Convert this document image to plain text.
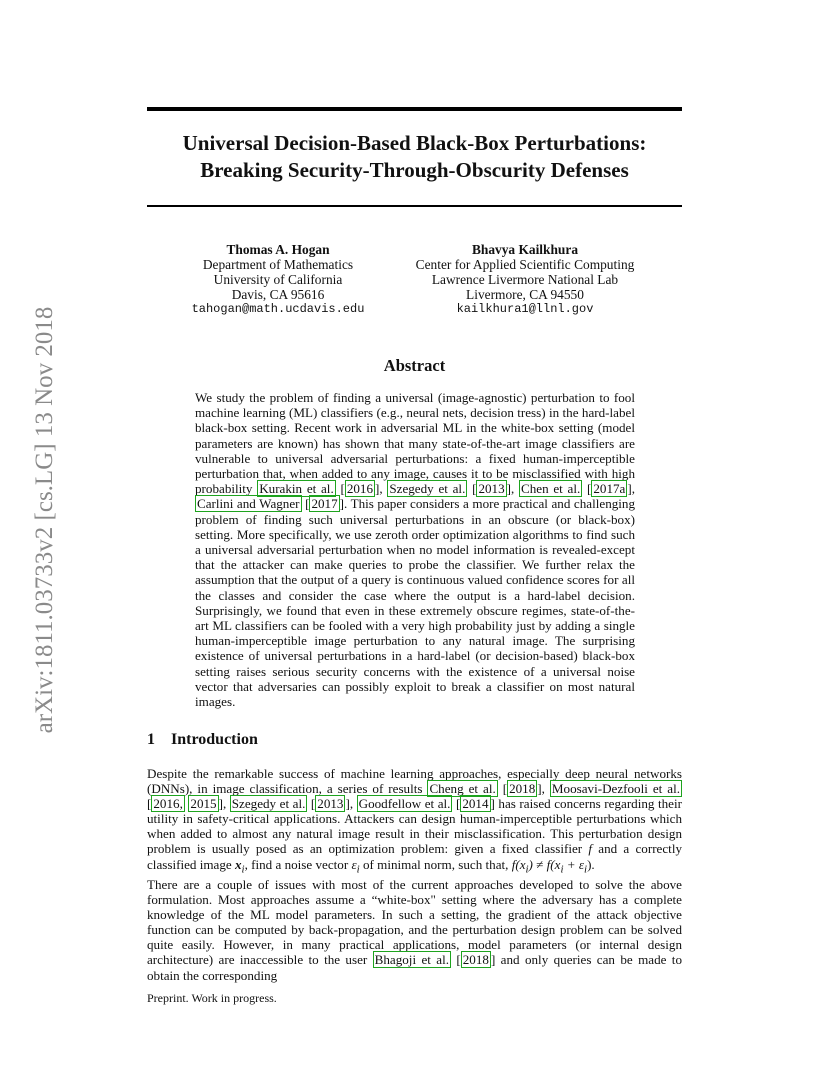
arXiv:1811.03733v2 [cs.LG] 13 Nov 2018
Universal Decision-Based Black-Box Perturbations:
Breaking Security-Through-Obscurity Defenses
Thomas A. Hogan
Department of Mathematics
University of California
Davis, CA 95616
tahogan@math.ucdavis.edu
Bhavya Kailkhura
Center for Applied Scientific Computing
Lawrence Livermore National Lab
Livermore, CA 94550
kailkhura1@llnl.gov
Abstract
We study the problem of finding a universal (image-agnostic) perturbation to fool machine learning (ML) classifiers (e.g., neural nets, decision tress) in the hard-label black-box setting. Recent work in adversarial ML in the white-box setting (model parameters are known) has shown that many state-of-the-art image classifiers are vulnerable to universal adversarial perturbations: a fixed human-imperceptible perturbation that, when added to any image, causes it to be misclassified with high probability Kurakin et al. [ 2016 ], Szegedy et al. [ 2013 ], Chen et al. [ 2017a ], Carlini and Wagner [ 2017 ]. This paper considers a more practical and challenging problem of finding such universal perturbations in an obscure (or black-box) setting. More specifically, we use zeroth order optimization algorithms to find such a universal adversarial perturbation when no model information is revealed-except that the attacker can make queries to probe the classifier. We further relax the assumption that the output of a query is continuous valued confidence scores for all the classes and consider the case where the output is a hard-label decision. Surprisingly, we found that even in these extremely obscure regimes, state-of-the-art ML classifiers can be fooled with a very high probability just by adding a single human-imperceptible image perturbation to any natural image. The surprising existence of universal perturbations in a hard-label (or decision-based) black-box setting raises serious security concerns with the existence of a universal noise vector that adversaries can possibly exploit to break a classifier on most natural images.
1 Introduction
Despite the remarkable success of machine learning approaches, especially deep neural networks (DNNs), in image classification, a series of results Cheng et al. [ 2018 ], Moosavi-Dezfooli et al. [ 2016, 2015 ], Szegedy et al. [ 2013 ], Goodfellow et al. [ 2014 ] has raised concerns regarding their utility in safety-critical applications. Attackers can design human-imperceptible perturbations which when added to almost any natural image result in their misclassification. This perturbation design problem is usually posed as an optimization problem: given a fixed classifier f and a correctly classified image $x_i$, find a noise vector $\varepsilon_i$ of minimal norm, such that, $f(x_i) \ne f(x_i + \varepsilon_i)$.
There are a couple of issues with most of the current approaches developed to solve the above formulation. Most approaches assume a “white-box" setting where the adversary has a complete knowledge of the ML model parameters. In such a setting, the gradient of the attack objective function can be computed by back-propagation, and the perturbation design problem can be solved quite easily. However, in many practical applications, model parameters (or internal design architecture) are inaccessible to the user Bhagoji et al. [ 2018 ] and only queries can be made to obtain the corresponding
Preprint. Work in progress.
